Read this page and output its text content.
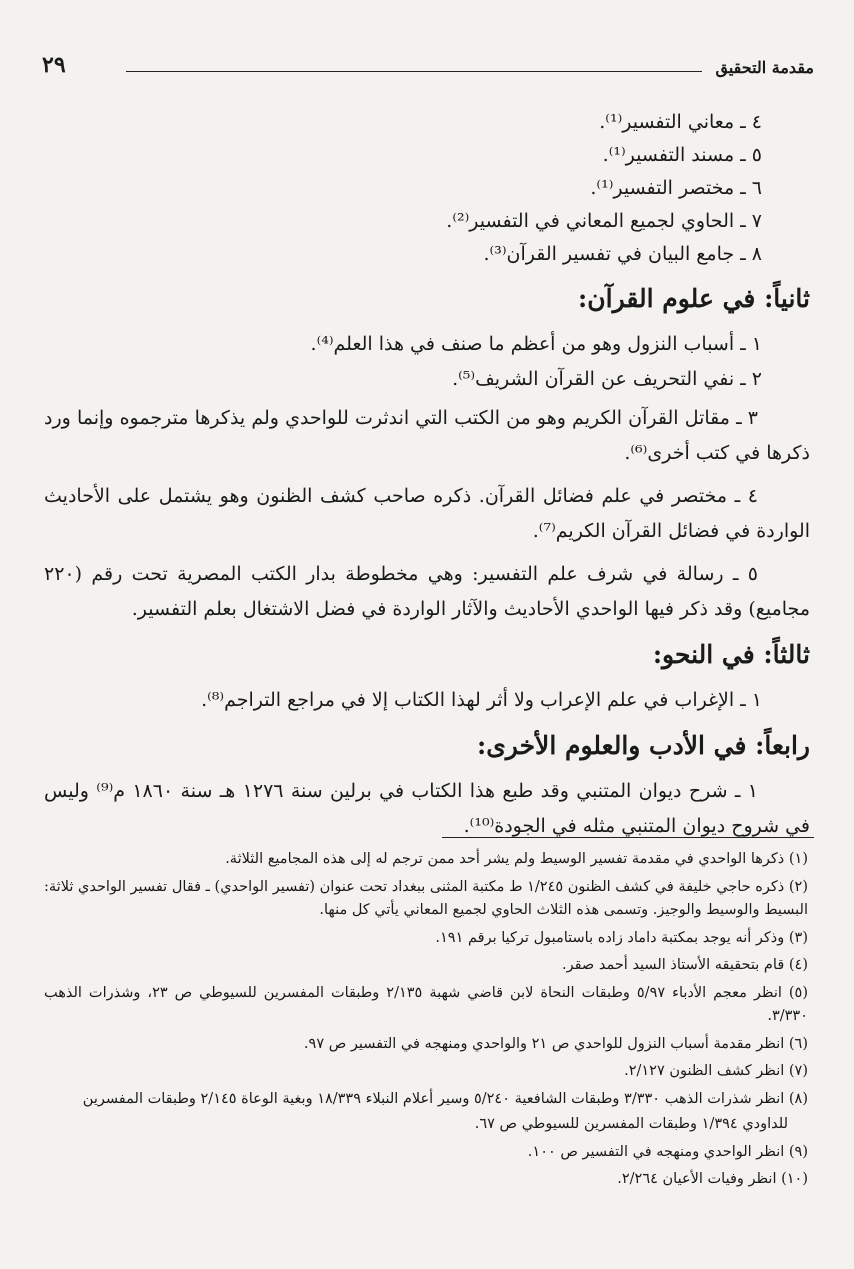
٢٩	مقدمة التحقيق

٤ ـ معاني التفسير⁽¹⁾.

٥ ـ مسند التفسير⁽¹⁾.

٦ ـ مختصر التفسير⁽¹⁾.

٧ ـ الحاوي لجميع المعاني في التفسير⁽²⁾.

٨ ـ جامع البيان في تفسير القرآن⁽³⁾.

ثانياً: في علوم القرآن:

١ ـ أسباب النزول وهو من أعظم ما صنف في هذا العلم⁽⁴⁾.

٢ ـ نفي التحريف عن القرآن الشريف⁽⁵⁾.

٣ ـ مقاتل القرآن الكريم وهو من الكتب التي اندثرت للواحدي ولم يذكرها مترجموه وإنما ورد ذكرها في كتب أخرى⁽⁶⁾.

٤ ـ مختصر في علم فضائل القرآن. ذكره صاحب كشف الظنون وهو يشتمل على الأحاديث الواردة في فضائل القرآن الكريم⁽⁷⁾.

٥ ـ رسالة في شرف علم التفسير: وهي مخطوطة بدار الكتب المصرية تحت رقم (٢٢٠ مجاميع) وقد ذكر فيها الواحدي الأحاديث والآثار الواردة في فضل الاشتغال بعلم التفسير.

ثالثاً: في النحو:

١ ـ الإغراب في علم الإعراب ولا أثر لهذا الكتاب إلا في مراجع التراجم⁽⁸⁾.

رابعاً: في الأدب والعلوم الأخرى:

١ ـ شرح ديوان المتنبي وقد طبع هذا الكتاب في برلين سنة ١٢٧٦ هـ سنة ١٨٦٠ م⁽⁹⁾ وليس في شروح ديوان المتنبي مثله في الجودة⁽¹⁰⁾.

(١) ذكرها الواحدي في مقدمة تفسير الوسيط ولم يشر أحد ممن ترجم له إلى هذه المجاميع الثلاثة.

(٢) ذكره حاجي خليفة في كشف الظنون ١/٢٤٥ ط مكتبة المثنى ببغداد تحت عنوان (تفسير الواحدي) ـ فقال تفسير الواحدي ثلاثة: البسيط والوسيط والوجيز. وتسمى هذه الثلاث الحاوي لجميع المعاني يأتي كل منها.

(٣) وذكر أنه يوجد بمكتبة داماد زاده باستامبول تركيا برقم ١٩١.

(٤) قام بتحقيقه الأستاذ السيد أحمد صقر.

(٥) انظر معجم الأدباء ٥/٩٧ وطبقات النحاة لابن قاضي شهبة ٢/١٣٥ وطبقات المفسرين للسيوطي ص ٢٣، وشذرات الذهب ٣/٣٣٠.

(٦) انظر مقدمة أسباب النزول للواحدي ص ٢١ والواحدي ومنهجه في التفسير ص ٩٧.

(٧) انظر كشف الظنون ٢/١٢٧.

(٨) انظر شذرات الذهب ٣/٣٣٠ وطبقات الشافعية ٥/٢٤٠ وسير أعلام النبلاء ١٨/٣٣٩ وبغية الوعاة ٢/١٤٥ وطبقات المفسرين

للداودي ١/٣٩٤ وطبقات المفسرين للسيوطي ص ٦٧.

(٩) انظر الواحدي ومنهجه في التفسير ص ١٠٠.

(١٠) انظر وفيات الأعيان ٢/٢٦٤.
